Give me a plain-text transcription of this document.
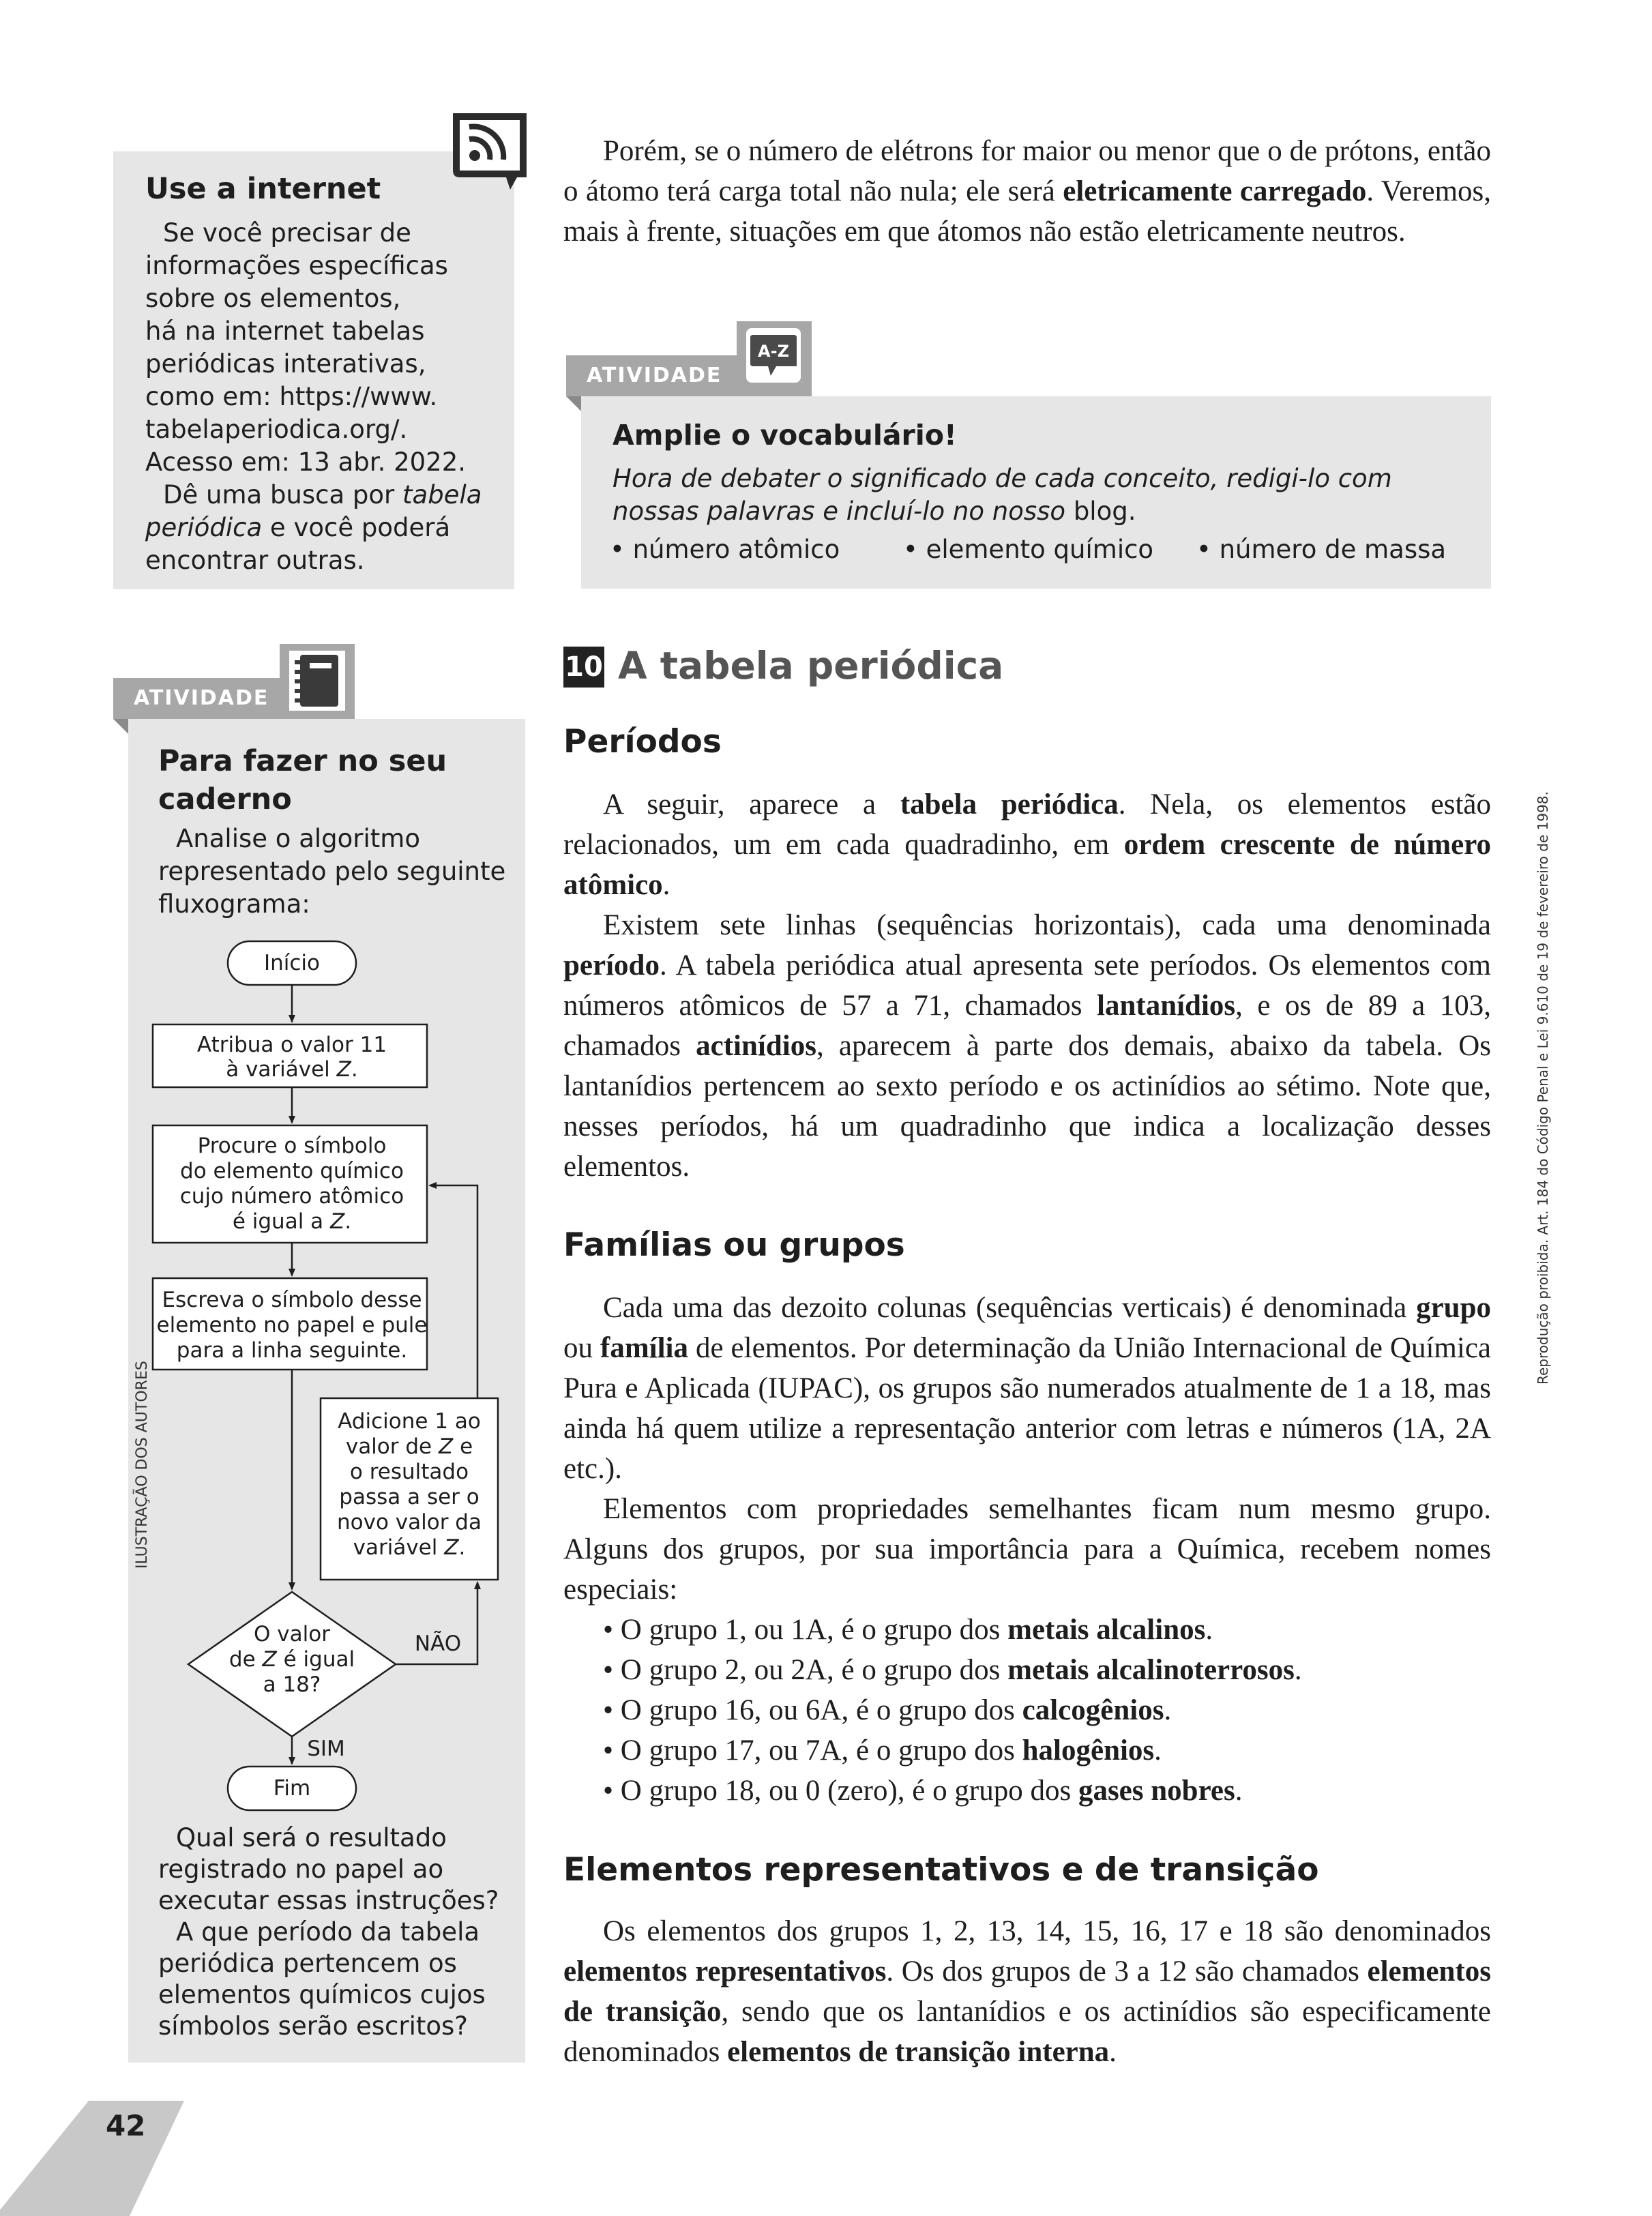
Use a internet

Se você precisar de

informações específicas

sobre os elementos,

há na internet tabelas

periódicas interativas,

como em: https://www.

tabelaperiodica.org/.

Acesso em: 13 abr. 2022.

Dê uma busca por tabela

periódica e você poderá

encontrar outras.

Porém, se o número de elétrons for maior ou menor que o de prótons, então o átomo terá carga total não nula; ele será eletricamente carregado. Veremos, mais à frente, situações em que átomos não estão eletricamente neutros.

ATIVIDADE
A-Z
Amplie o vocabulário!
Hora de debater o significado de cada conceito, redigi-lo com nossas palavras e incluí-lo no nosso blog.
• número atômico	• elemento químico • número de massa
ATIVIDADE
Para fazer no seu caderno
Analise o algoritmo representado pelo seguinte fluxograma:
Início
Atribua o valor 11
à variável Z.
Procure o símbolo
do elemento químico
cujo número atômico
é igual a Z.
Escreva o símbolo desse
elemento no papel e pule
para a linha seguinte.
Adicione 1 ao
valor de Z e
o resultado
passa a ser o
novo valor da
variável Z.
O valor
de Z é igual
a 18?
NÃO
SIM
Fim
ILUSTRAÇÃO DOS AUTORES
Qual será o resultado registrado no papel ao executar essas instruções?
A que período da tabela periódica pertencem os elementos químicos cujos símbolos serão escritos?
10 A tabela periódica
Períodos

A seguir, aparece a tabela periódica. Nela, os elementos estão relacionados, um em cada quadradinho, em ordem crescente de número atômico.

Existem sete linhas (sequências horizontais), cada uma denominada período. A tabela periódica atual apresenta sete períodos. Os elementos com números atômicos de 57 a 71, chamados lantanídios, e os de 89 a 103, chamados actinídios, aparecem à parte dos demais, abaixo da tabela. Os lantanídios pertencem ao sexto período e os actinídios ao sétimo. Note que, nesses períodos, há um quadradinho que indica a localização desses elementos.

Famílias ou grupos

Cada uma das dezoito colunas (sequências verticais) é denominada grupo ou família de elementos. Por determinação da União Internacional de Química Pura e Aplicada (IUPAC), os grupos são numerados atualmente de 1 a 18, mas ainda há quem utilize a representação anterior com letras e números (1A, 2A etc.).

Elementos com propriedades semelhantes ficam num mesmo grupo. Alguns dos grupos, por sua importância para a Química, recebem nomes especiais:

• O grupo 1, ou 1A, é o grupo dos metais alcalinos.
• O grupo 2, ou 2A, é o grupo dos metais alcalinoterrosos.
• O grupo 16, ou 6A, é o grupo dos calcogênios.
• O grupo 17, ou 7A, é o grupo dos halogênios.
• O grupo 18, ou 0 (zero), é o grupo dos gases nobres.
Elementos representativos e de transição

Os elementos dos grupos 1, 2, 13, 14, 15, 16, 17 e 18 são denominados elementos representativos. Os dos grupos de 3 a 12 são chamados elementos de transição, sendo que os lantanídios e os actinídios são especificamente denominados elementos de transição interna.

Reprodução proibida. Art. 184 do Código Penal e Lei 9.610 de 19 de fevereiro de 1998.
42
